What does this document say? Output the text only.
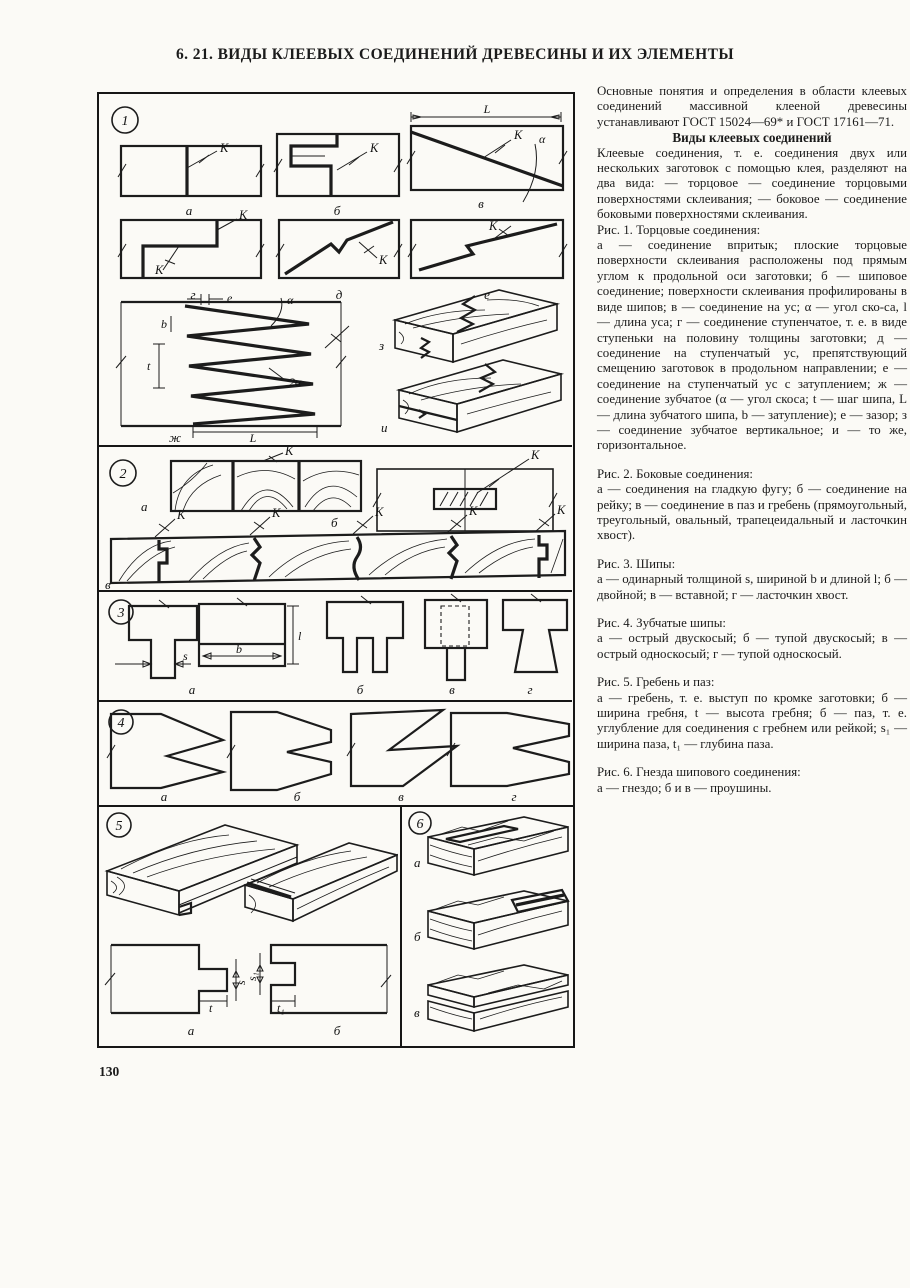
6. 21. ВИДЫ КЛЕЕВЫХ СОЕДИНЕНИЙ ДРЕВЕСИНЫ И ИХ ЭЛЕМЕНТЫ
1
К
а
К
б
L
К α
в
К
К
г
К
д
К
е
е	α
b
t
2α
L
ж
з
и
2
К
а
К
б
К	К	К	К	К
в
3
s	b
l
а	б	в	г
4
а	б	в	г
5
t
s
s₁
t₁
а	б
6
а
б
в

Основные понятия и определения в области клеевых соединений массивной клееной древесины устанавливают ГОСТ 15024—69* и ГОСТ 17161—71.

Виды клеевых соединений

Клеевые соединения, т. е. соединения двух или нескольких заготовок с помощью клея, разделяют на два вида: — торцовое — соединение торцовыми поверхностями склеивания; — боковое — соединение боковыми поверхностями склеивания.

Рис. 1. Торцовые соединения:
а — соединение впритык; плоские торцовые поверхности склеивания расположены под прямым углом к продольной оси заготовки; б — шиповое соединение; поверхности склеивания профилированы в виде шипов; в — соединение на ус; α — угол ско-са, l — длина уса; г — соединение ступенчатое, т. е. в виде ступеньки на половину толщины заготовки; д — соединение на ступенчатый ус, препятствующий смещению заготовок в продольном направлении; е — соединение на ступенчатый ус с затуплением; ж — соединение зубчатое (α — угол скоса; t — шаг шипа, L — длина зубчатого шипа, b — затупление); е — зазор; з — соединение зубчатое вертикальное; и — то же, горизонтальное.
Рис. 2. Боковые соединения:
а — соединения на гладкую фугу; б — соединение на рейку; в — соединение в паз и гребень (прямоугольный, треугольный, овальный, трапецеидальный и ласточкин хвост).
Рис. 3. Шипы:
а — одинарный толщиной s, шириной b и длиной l; б — двойной; в — вставной; г — ласточкин хвост.
Рис. 4. Зубчатые шипы:
а — острый двускосый; б — тупой двускосый; в — острый односкосый; г — тупой односкосый.
Рис. 5. Гребень и паз:
а — гребень, т. е. выступ по кромке заготовки; б — ширина гребня, t — высота гребня; б — паз, т. е. углубление для соединения с гребнем или рейкой; s₁ — ширина паза, t₁ — глубина паза.
Рис. 6. Гнезда шипового соединения:
а — гнездо; б и в — проушины.
130
